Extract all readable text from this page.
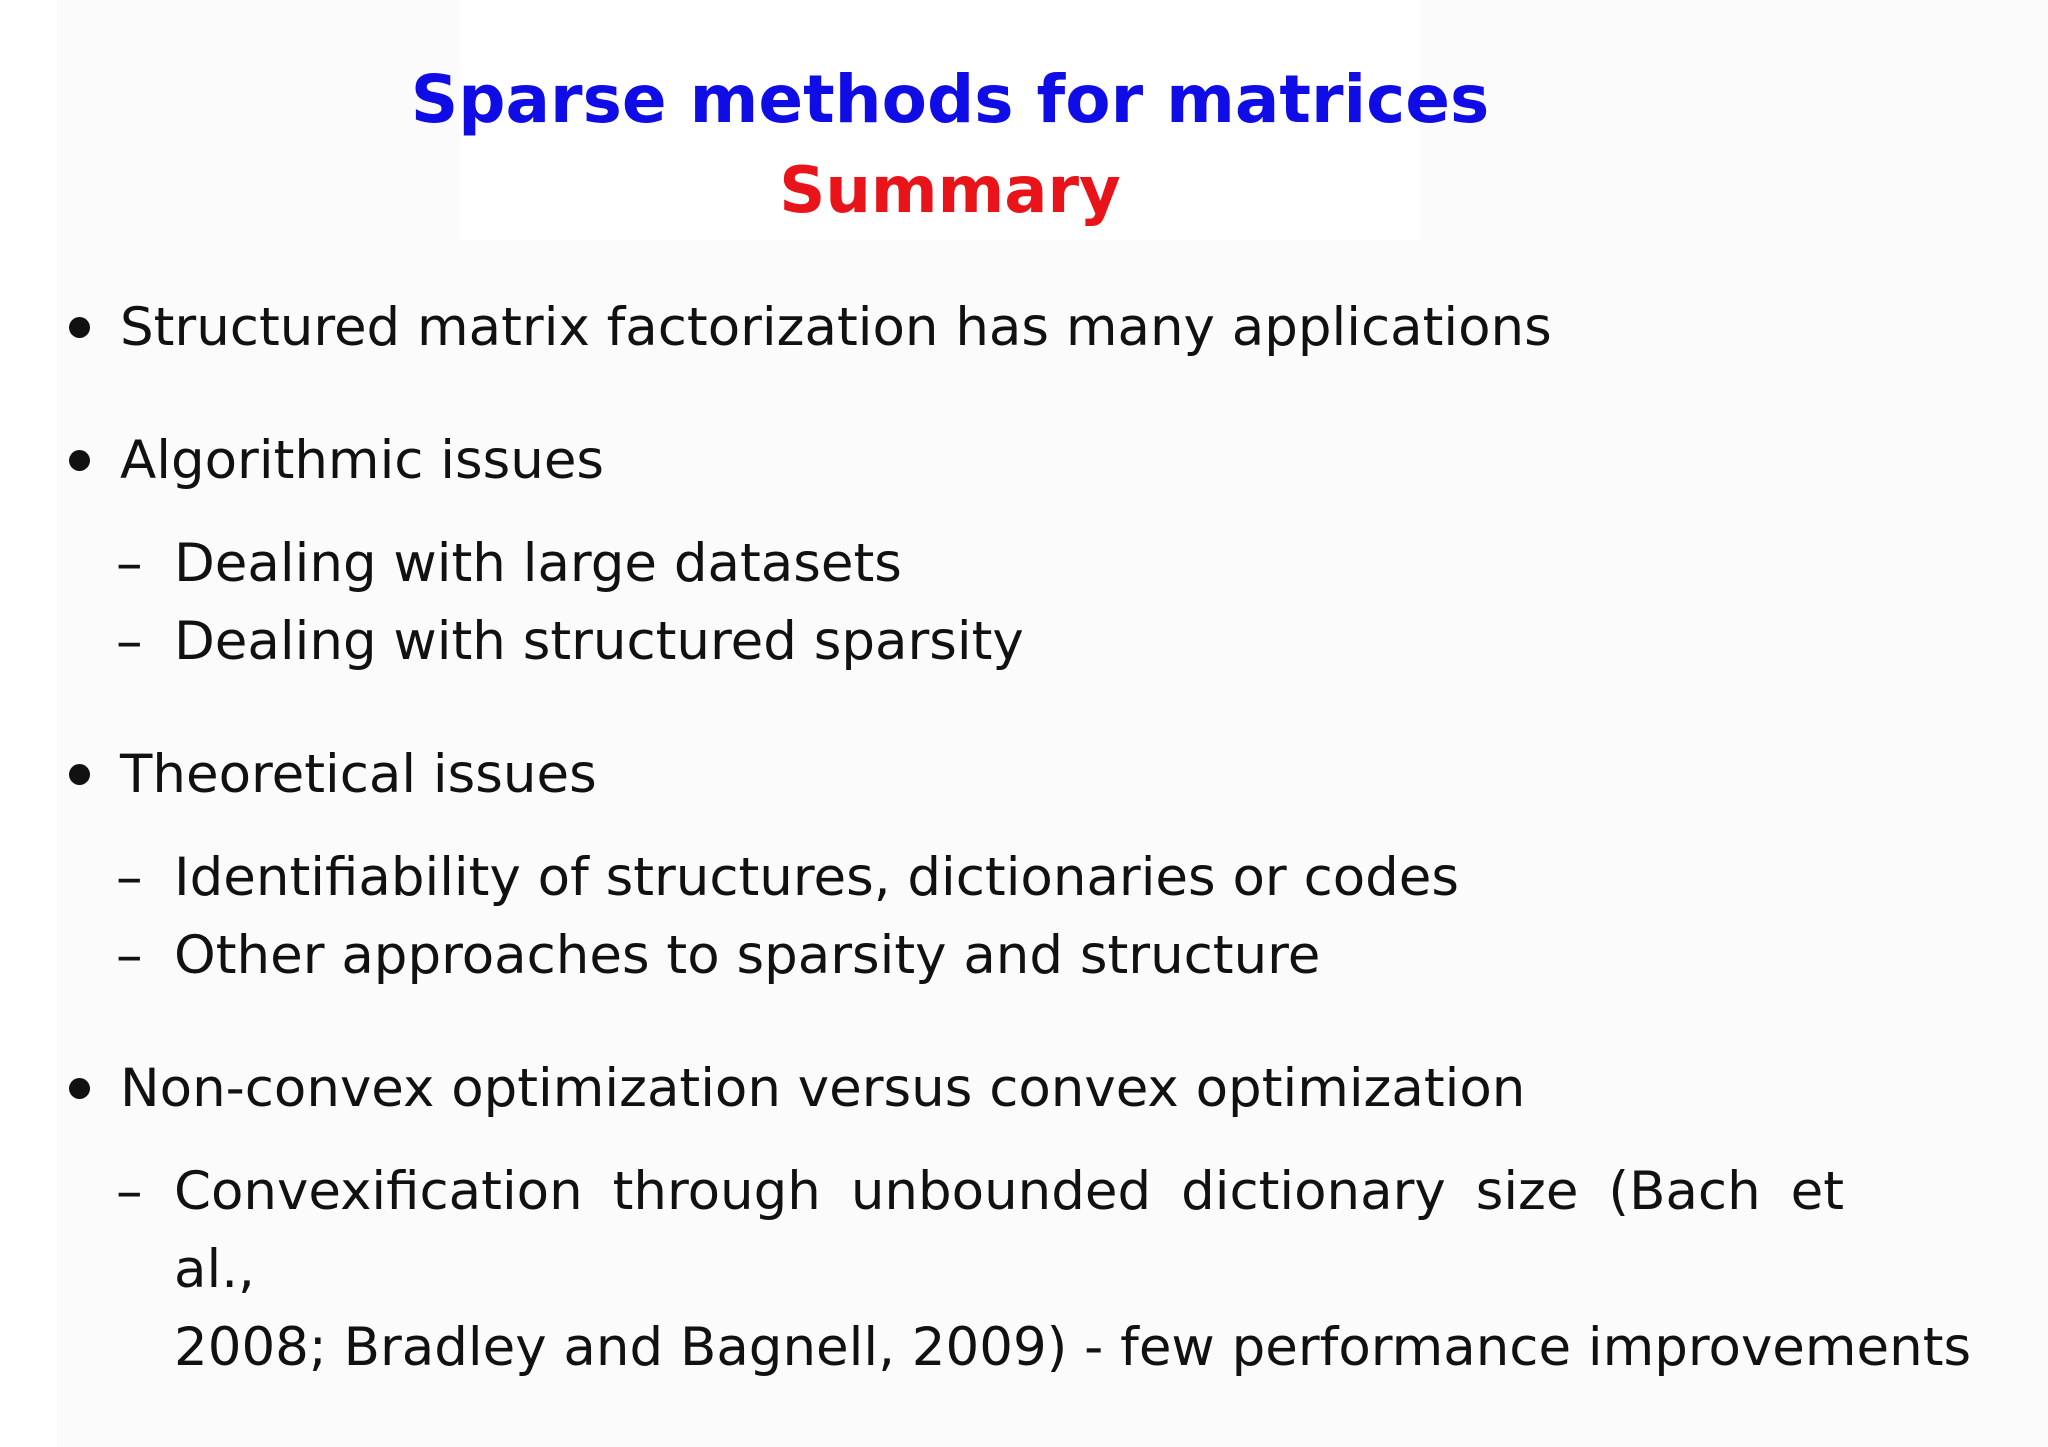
Sparse methods for matrices
Summary
Structured matrix factorization has many applications
Algorithmic issues
– Dealing with large datasets
– Dealing with structured sparsity
Theoretical issues
– Identifiability of structures, dictionaries or codes
– Other approaches to sparsity and structure
Non-convex optimization versus convex optimization
– Convexification through unbounded dictionary size (Bach et al.,
2008; Bradley and Bagnell, 2009) - few performance improvements
